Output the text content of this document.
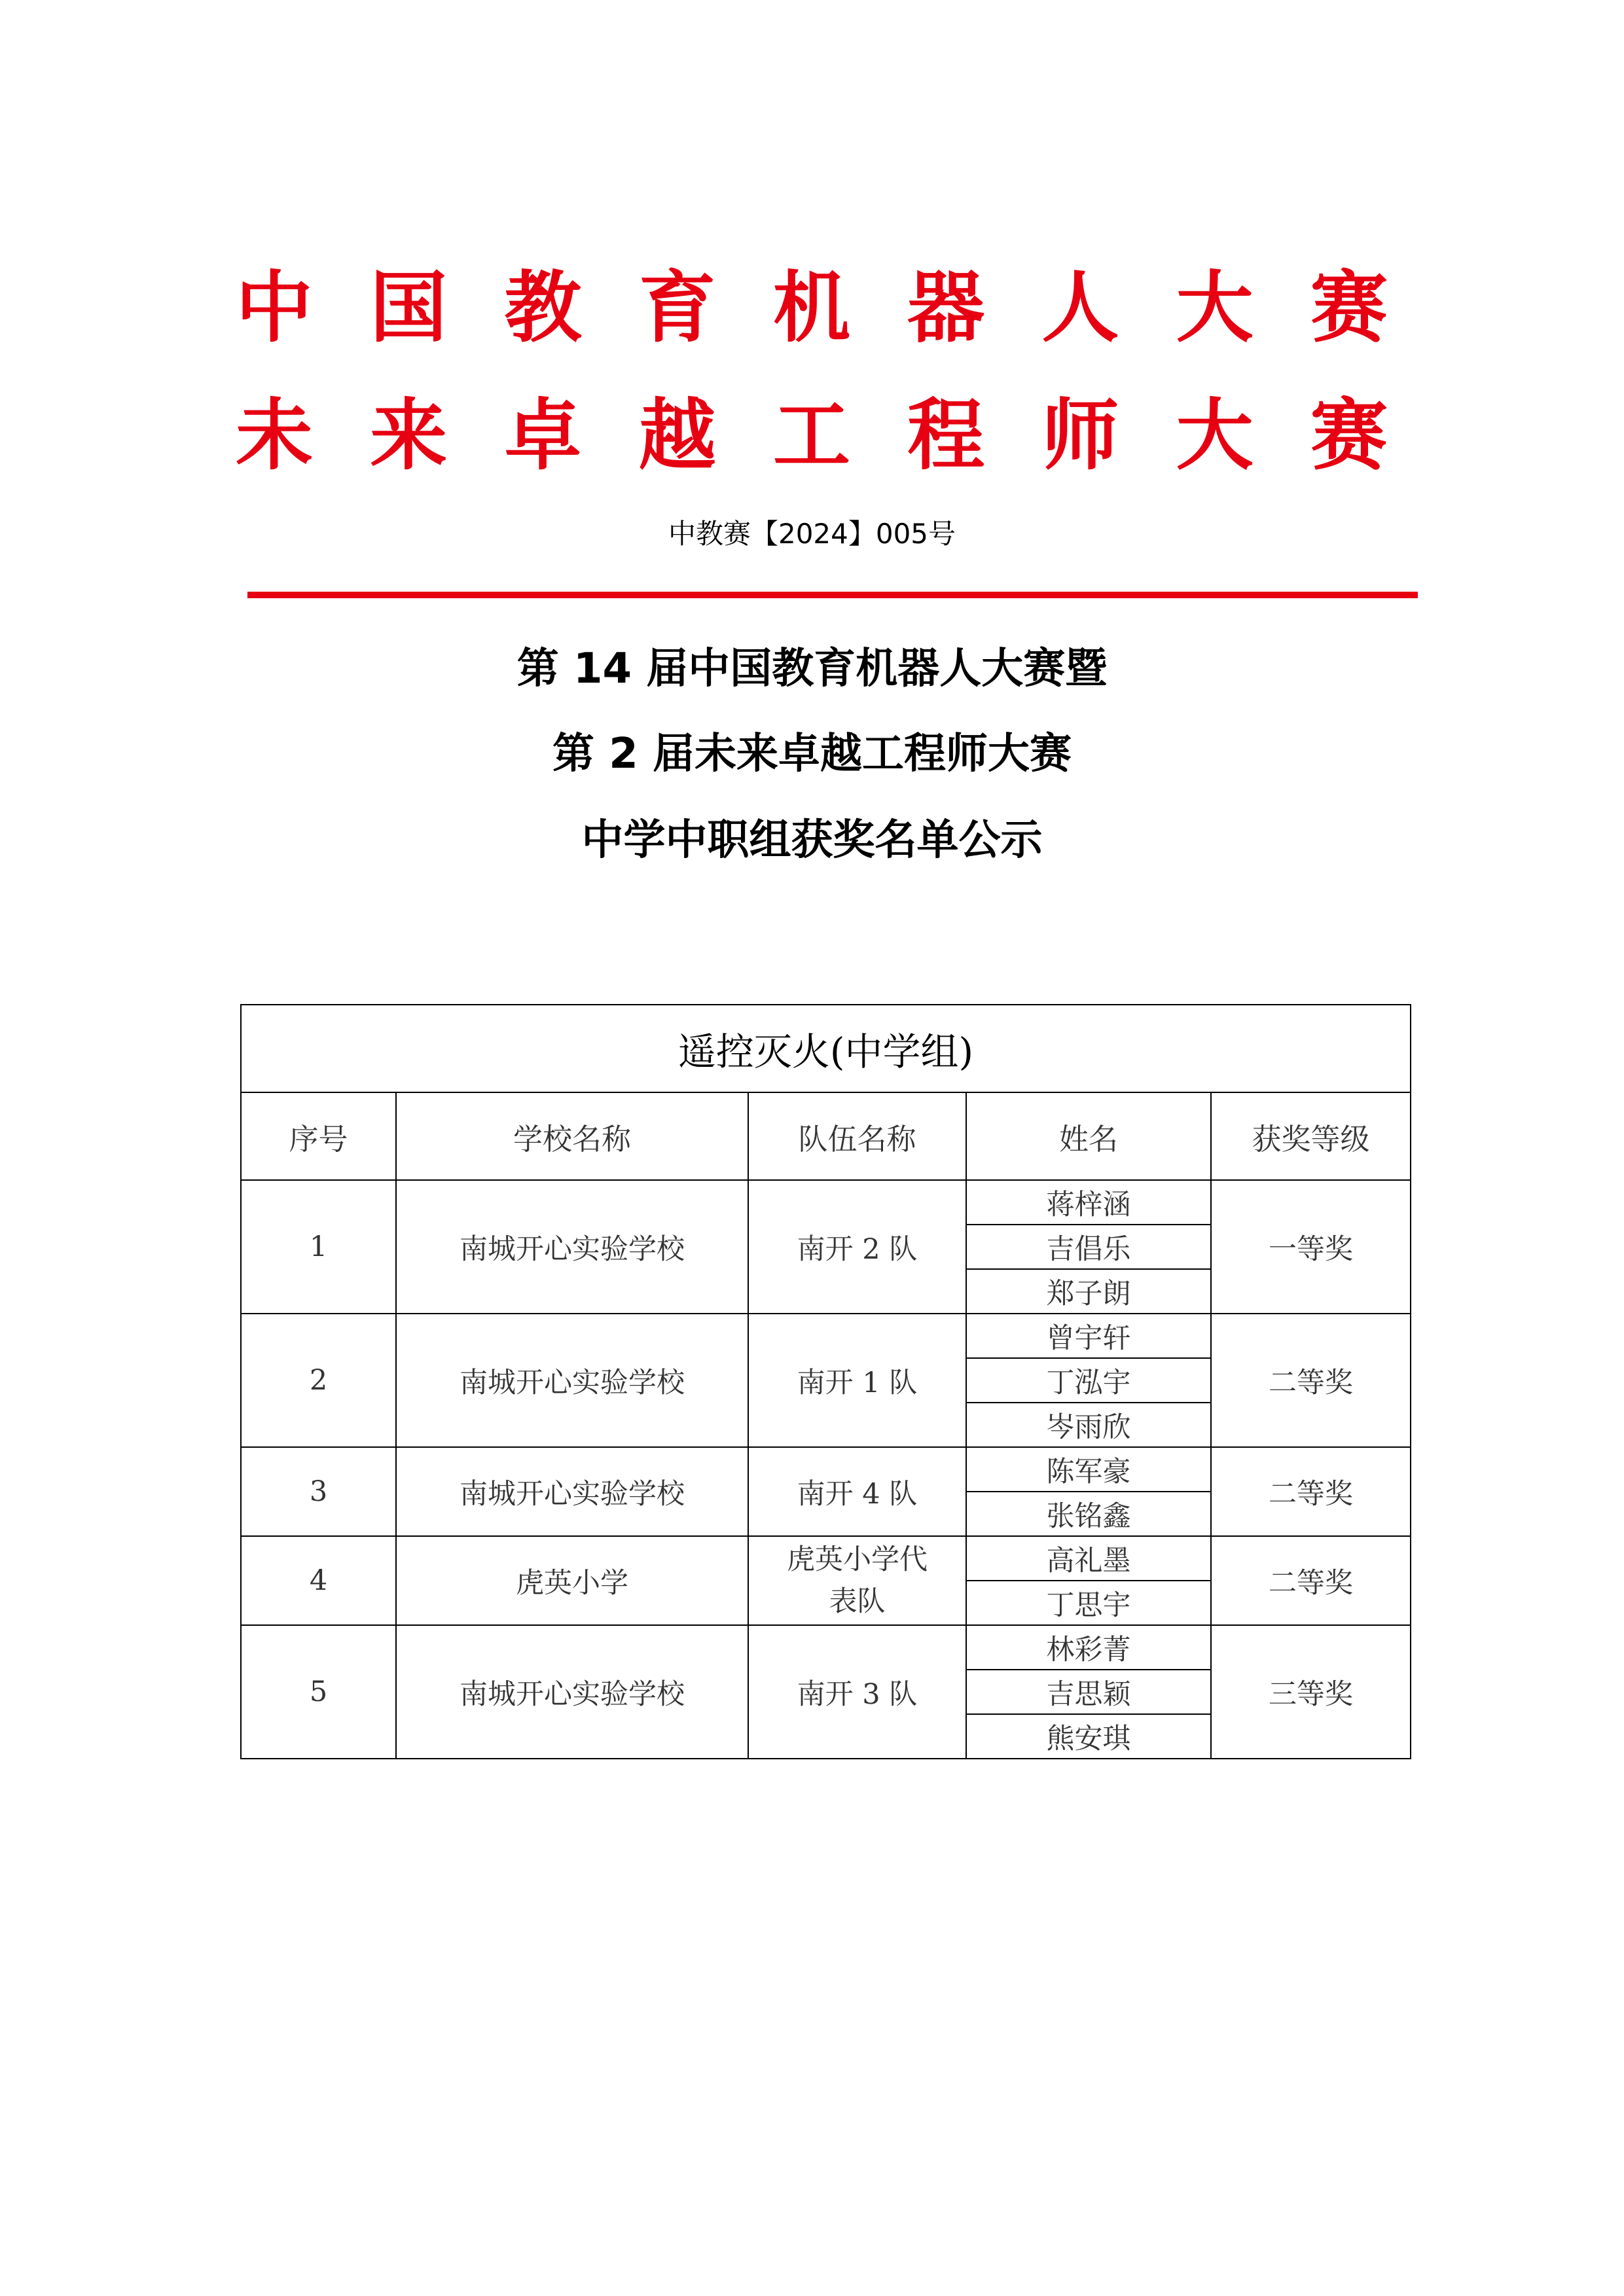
中 国 教 育 机 器 人 大 赛
未 来 卓 越 工 程 师 大 赛
中教赛【2024】005号
第 14 届中国教育机器人大赛暨
第 2 届未来卓越工程师大赛
中学中职组获奖名单公示
遥控灭火(中学组)				
序号	学校名称	队伍名称	姓名	获奖等级
1	南城开心实验学校	南开 2 队	蒋梓涵	一等奖
			吉倡乐	
			郑子朗	
2	南城开心实验学校	南开 1 队	曾宇轩	二等奖
			丁泓宇	
			岑雨欣	
3	南城开心实验学校	南开 4 队	陈军豪	二等奖
			张铭鑫	
4	虎英小学	虎英小学代表队	高礼墨	二等奖
			丁思宇	
5	南城开心实验学校	南开 3 队	林彩菁	三等奖
			吉思颖	
			熊安琪	
